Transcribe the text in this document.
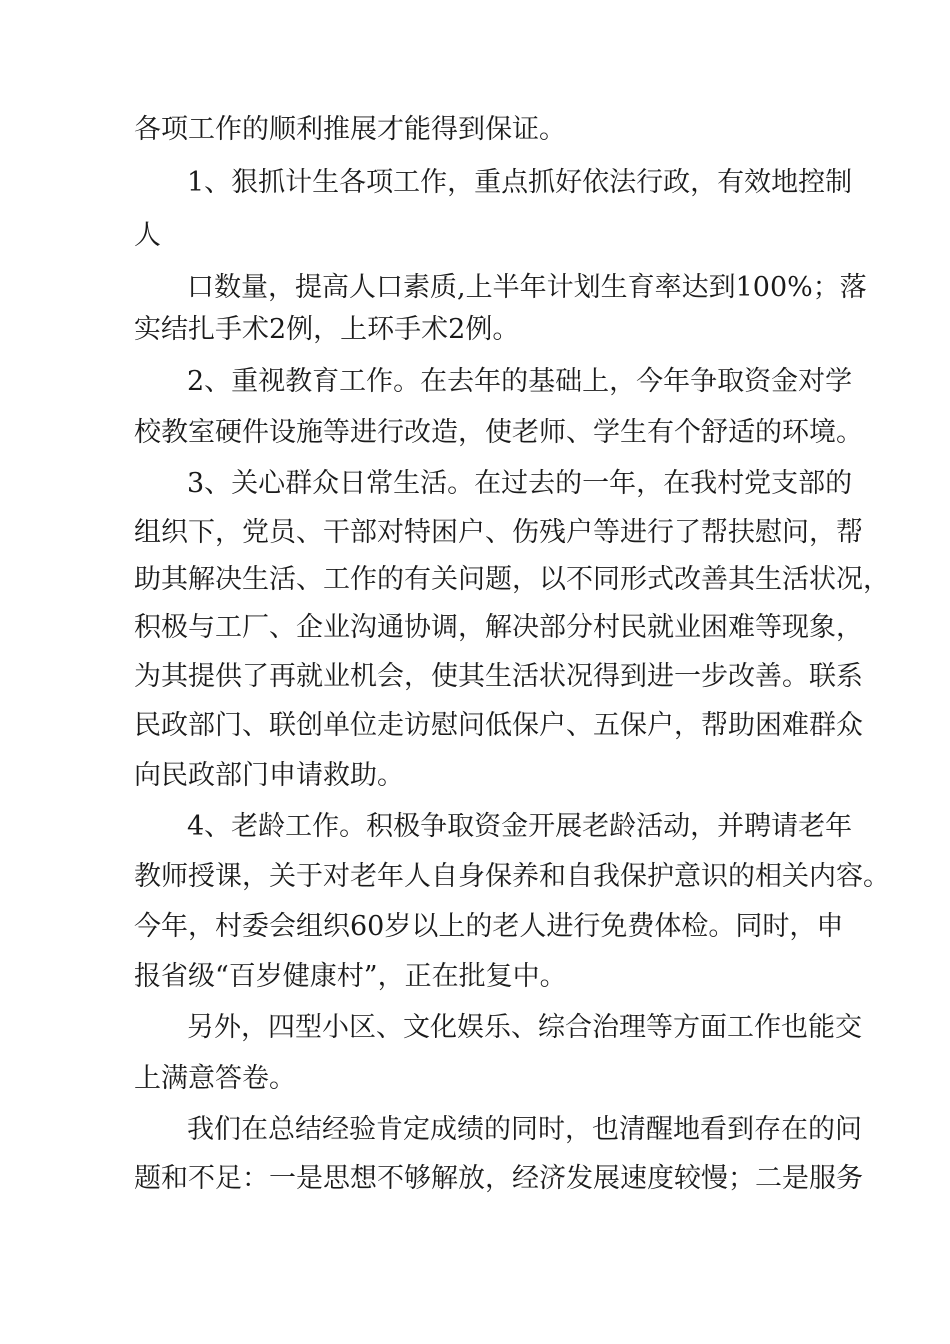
各项工作的顺利推展才能得到保证。
1、狠抓计生各项工作，重点抓好依法行政，有效地控制
人
口数量，提高人口素质,上半年计划生育率达到100%；落
实结扎手术2例，上环手术2例。
2、重视教育工作。在去年的基础上，今年争取资金对学
校教室硬件设施等进行改造，使老师、学生有个舒适的环境。
3、关心群众日常生活。在过去的一年，在我村党支部的
组织下，党员、干部对特困户、伤残户等进行了帮扶慰问，帮
助其解决生活、工作的有关问题，以不同形式改善其生活状况，
积极与工厂、企业沟通协调，解决部分村民就业困难等现象，
为其提供了再就业机会，使其生活状况得到进一步改善。联系
民政部门、联创单位走访慰问低保户、五保户，帮助困难群众
向民政部门申请救助。
4、老龄工作。积极争取资金开展老龄活动，并聘请老年
教师授课，关于对老年人自身保养和自我保护意识的相关内容。
今年，村委会组织60岁以上的老人进行免费体检。同时，申
报省级“百岁健康村”，正在批复中。
另外，四型小区、文化娱乐、综合治理等方面工作也能交
上满意答卷。
我们在总结经验肯定成绩的同时，也清醒地看到存在的问
题和不足：一是思想不够解放，经济发展速度较慢；二是服务
